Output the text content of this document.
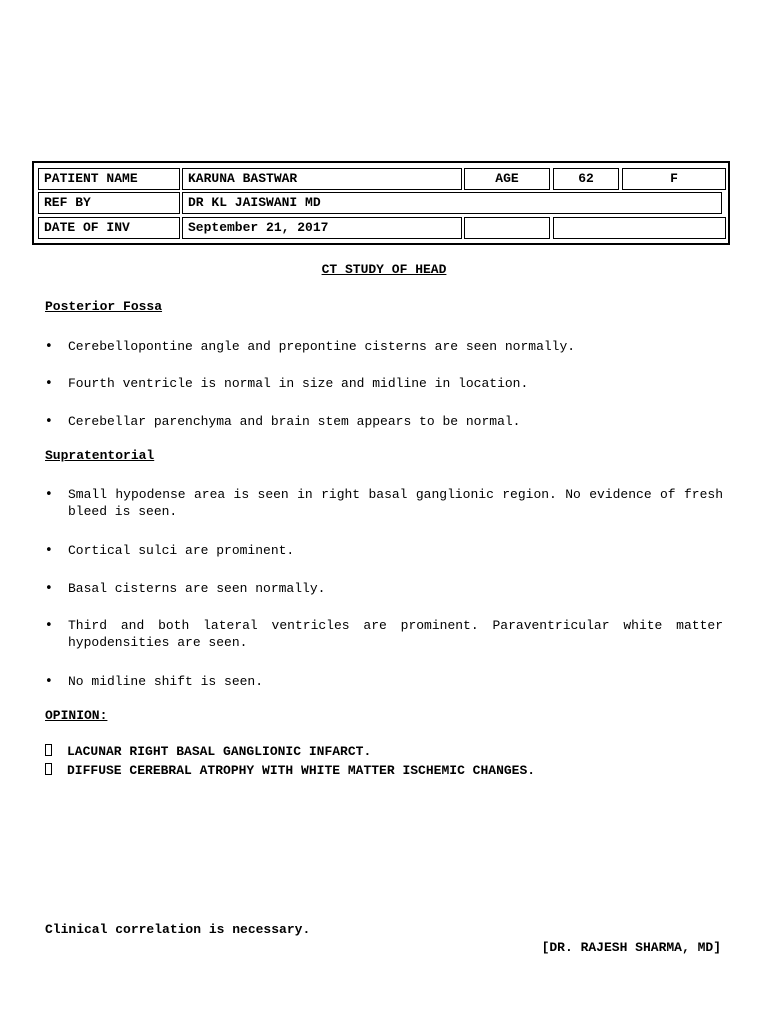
PATIENT NAME	KARUNA BASTWAR	AGE	62	F
REF BY	DR KL JAISWANI MD
DATE OF INV	September 21, 2017
CT STUDY OF HEAD
Posterior Fossa
• Cerebellopontine angle and prepontine cisterns are seen normally.
• Fourth ventricle is normal in size and midline in location.
• Cerebellar parenchyma and brain stem appears to be normal.
Supratentorial
• Small hypodense area is seen in right basal ganglionic region. No evidence of fresh bleed is seen.
• Cortical sulci are prominent.
• Basal cisterns are seen normally.
• Third and both lateral ventricles are prominent. Paraventricular white matter hypodensities are seen.
• No midline shift is seen.
OPINION:
LACUNAR RIGHT BASAL GANGLIONIC INFARCT.
DIFFUSE CEREBRAL ATROPHY WITH WHITE MATTER ISCHEMIC CHANGES.
Clinical correlation is necessary.
[DR. RAJESH SHARMA, MD]
